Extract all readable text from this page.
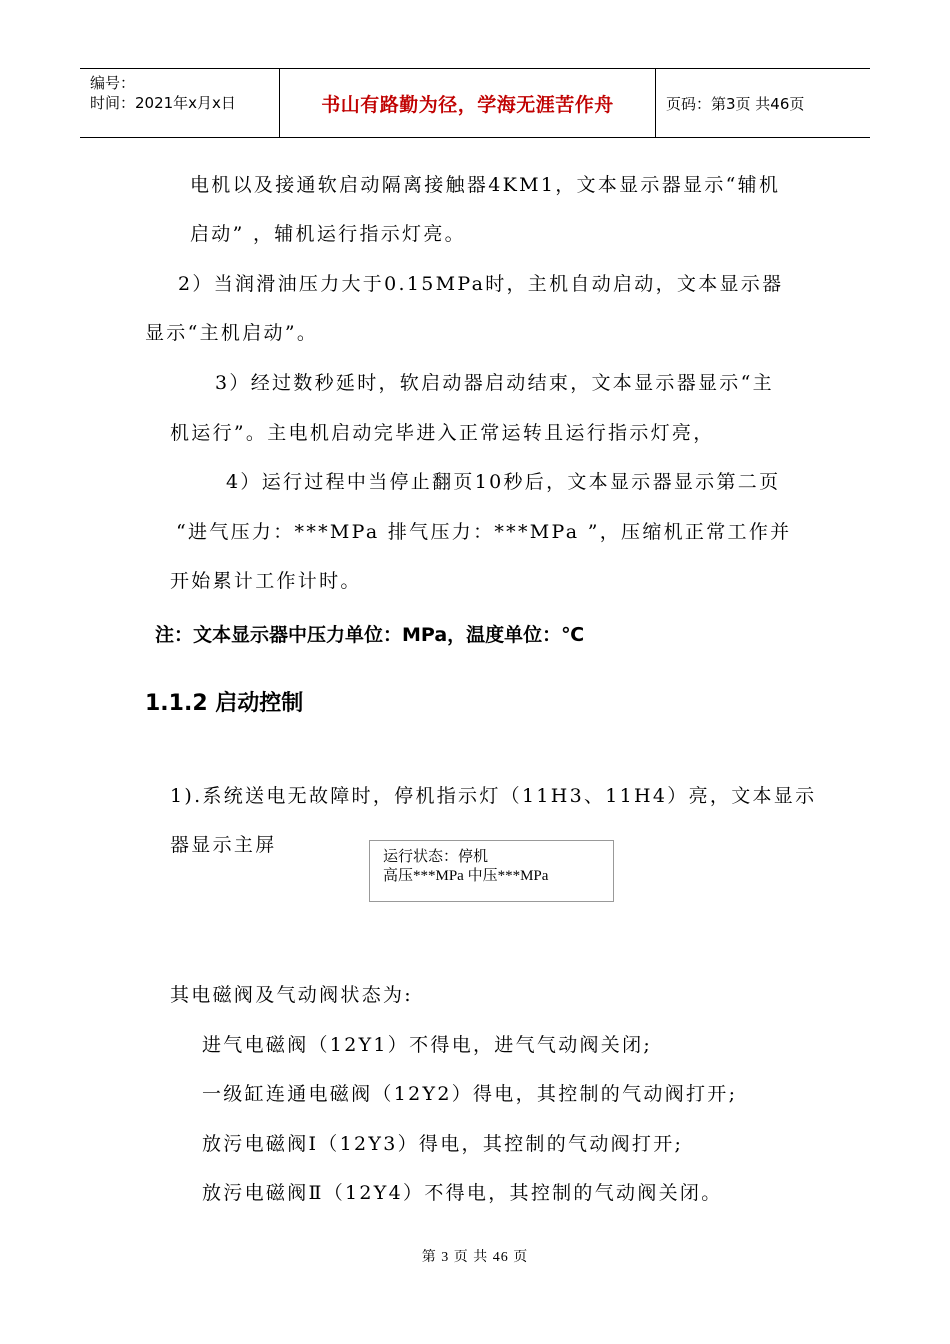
编号：
时间：2021年x月x日	书山有路勤为径，学海无涯苦作舟	页码：第3页 共46页
电机以及接通软启动隔离接触器4KM1，文本显示器显示“辅机
启动” ，辅机运行指示灯亮。
2）当润滑油压力大于0.15MPa时，主机自动启动，文本显示器
显示“主机启动”。
3）经过数秒延时，软启动器启动结束，文本显示器显示“主
机运行”。主电机启动完毕进入正常运转且运行指示灯亮，
4）运行过程中当停止翻页10秒后，文本显示器显示第二页
“进气压力：***MPa 排气压力：***MPa ”，压缩机正常工作并
开始累计工作计时。
注：文本显示器中压力单位：MPa，温度单位：℃
1.1.2 启动控制
1).系统送电无故障时，停机指示灯（11H3、11H4）亮，文本显示
器显示主屏
运行状态：停机
高压***MPa 中压***MPa
其电磁阀及气动阀状态为:
进气电磁阀（12Y1）不得电，进气气动阀关闭;
一级缸连通电磁阀（12Y2）得电，其控制的气动阀打开;
放污电磁阀Ⅰ（12Y3）得电，其控制的气动阀打开;
放污电磁阀Ⅱ（12Y4）不得电，其控制的气动阀关闭。
第 3 页 共 46 页
